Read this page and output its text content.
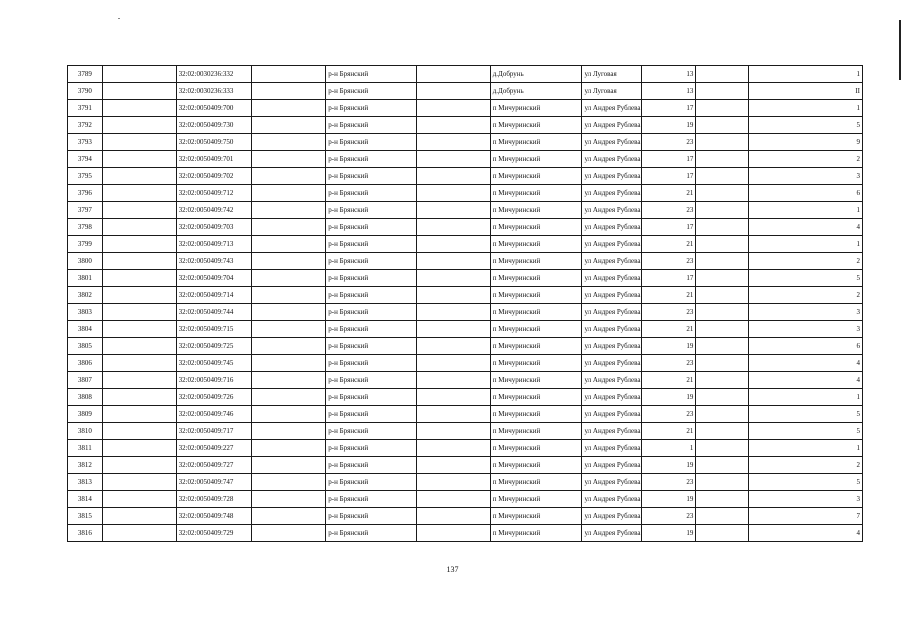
3789		32:02:0030236:332		р-н Брянский		д.Добрунь	ул Луговая	13		1
3790		32:02:0030236:333		р-н Брянский		д.Добрунь	ул Луговая	13		II
3791		32:02:0050409:700		р-н Брянский		п Мичуринский	ул Андрея Рублева	17		1
3792		32:02:0050409:730		р-н Брянский		п Мичуринский	ул Андрея Рублева	19		5
3793		32:02:0050409:750		р-н Брянский		п Мичуринский	ул Андрея Рублева	23		9
3794		32:02:0050409:701		р-н Брянский		п Мичуринский	ул Андрея Рублева	17		2
3795		32:02:0050409:702		р-н Брянский		п Мичуринский	ул Андрея Рублева	17		3
3796		32:02:0050409:712		р-н Брянский		п Мичуринский	ул Андрея Рублева	21		6
3797		32:02:0050409:742		р-н Брянский		п Мичуринский	ул Андрея Рублева	23		1
3798		32:02:0050409:703		р-н Брянский		п Мичуринский	ул Андрея Рублева	17		4
3799		32:02:0050409:713		р-н Брянский		п Мичуринский	ул Андрея Рублева	21		1
3800		32:02:0050409:743		р-н Брянский		п Мичуринский	ул Андрея Рублева	23		2
3801		32:02:0050409:704		р-н Брянский		п Мичуринский	ул Андрея Рублева	17		5
3802		32:02:0050409:714		р-н Брянский		п Мичуринский	ул Андрея Рублева	21		2
3803		32:02:0050409:744		р-н Брянский		п Мичуринский	ул Андрея Рублева	23		3
3804		32:02:0050409:715		р-н Брянский		п Мичуринский	ул Андрея Рублева	21		3
3805		32:02:0050409:725		р-н Брянский		п Мичуринский	ул Андрея Рублева	19		6
3806		32:02:0050409:745		р-н Брянский		п Мичуринский	ул Андрея Рублева	23		4
3807		32:02:0050409:716		р-н Брянский		п Мичуринский	ул Андрея Рублева	21		4
3808		32:02:0050409:726		р-н Брянский		п Мичуринский	ул Андрея Рублева	19		1
3809		32:02:0050409:746		р-н Брянский		п Мичуринский	ул Андрея Рублева	23		5
3810		32:02:0050409:717		р-н Брянский		п Мичуринский	ул Андрея Рублева	21		5
3811		32:02:0050409:227		р-н Брянский		п Мичуринский	ул Андрея Рублева	1		1
3812		32:02:0050409:727		р-н Брянский		п Мичуринский	ул Андрея Рублева	19		2
3813		32:02:0050409:747		р-н Брянский		п Мичуринский	ул Андрея Рублева	23		5
3814		32:02:0050409:728		р-н Брянский		п Мичуринский	ул Андрея Рублева	19		3
3815		32:02:0050409:748		р-н Брянский		п Мичуринский	ул Андрея Рублева	23		7
3816		32:02:0050409:729		р-н Брянский		п Мичуринский	ул Андрея Рублева	19		4
137
